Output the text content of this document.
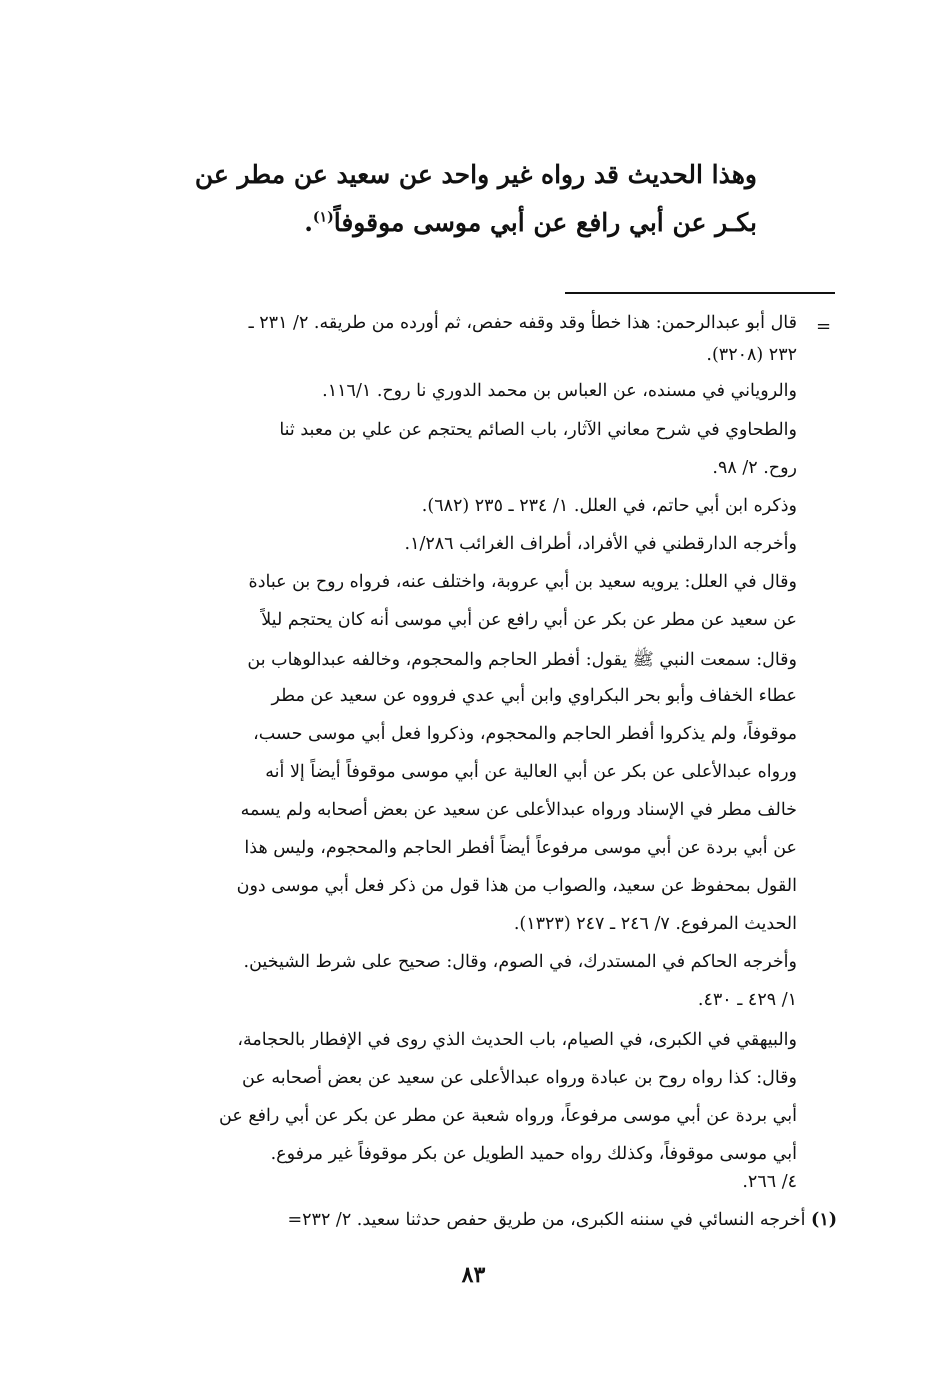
وهذا الحديث قد رواه غير واحد عن سعيد عن مطر عن
بكـر عن أبي رافع عن أبي موسى موقوفاً$^{(١)}$.
=
قال أبو عبدالرحمن: هذا خطأ وقد وقفه حفص، ثم أورده من طريقه. ٢/ ٢٣١ ـ
٢٣٢ (٣٢٠٨).
والروياني في مسنده، عن العباس بن محمد الدوري نا روح. ١١٦/١.
والطحاوي في شرح معاني الآثار، باب الصائم يحتجم عن علي بن معبد ثنا
روح. ٢/ ٩٨.
وذكره ابن أبي حاتم، في العلل. ١/ ٢٣٤ ـ ٢٣٥ (٦٨٢).
وأخرجه الدارقطني في الأفراد، أطراف الغرائب ١/٢٨٦.
وقال في العلل: يرويه سعيد بن أبي عروبة، واختلف عنه، فرواه روح بن عبادة
عن سعيد عن مطر عن بكر عن أبي رافع عن أبي موسى أنه كان يحتجم ليلاً
وقال: سمعت النبي ﷺ يقول: أفطر الحاجم والمحجوم، وخالفه عبدالوهاب بن
عطاء الخفاف وأبو بحر البكراوي وابن أبي عدي فرووه عن سعيد عن مطر
موقوفاً، ولم يذكروا أفطر الحاجم والمحجوم، وذكروا فعل أبي موسى حسب،
ورواه عبدالأعلى عن بكر عن أبي العالية عن أبي موسى موقوفاً أيضاً إلا أنه
خالف مطر في الإسناد ورواه عبدالأعلى عن سعيد عن بعض أصحابه ولم يسمه
عن أبي بردة عن أبي موسى مرفوعاً أيضاً أفطر الحاجم والمحجوم، وليس هذا
القول بمحفوظ عن سعيد، والصواب من هذا قول من ذكر فعل أبي موسى دون
الحديث المرفوع. ٧/ ٢٤٦ ـ ٢٤٧ (١٣٢٣).
وأخرجه الحاكم في المستدرك، في الصوم، وقال: صحيح على شرط الشيخين.
١/ ٤٢٩ ـ ٤٣٠.
والبيهقي في الكبرى، في الصيام، باب الحديث الذي روى في الإفطار بالحجامة،
وقال: كذا رواه روح بن عبادة ورواه عبدالأعلى عن سعيد عن بعض أصحابه عن
أبي بردة عن أبي موسى مرفوعاً، ورواه شعبة عن مطر عن بكر عن أبي رافع عن
أبي موسى موقوفاً، وكذلك رواه حميد الطويل عن بكر موقوفاً غير مرفوع.
٤/ ٢٦٦.
(١) أخرجه النسائي في سننه الكبرى، من طريق حفص حدثنا سعيد. ٢/ ٢٣٢=
٨٣
